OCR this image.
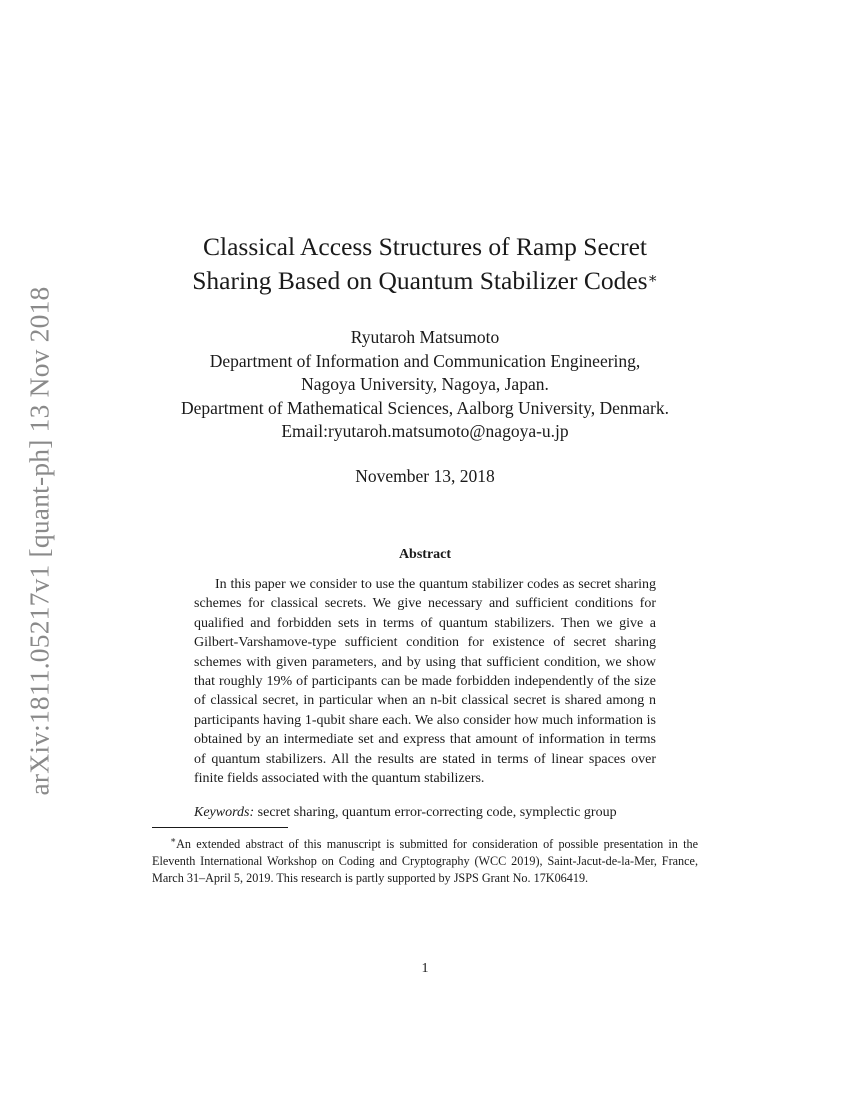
arXiv:1811.05217v1 [quant-ph] 13 Nov 2018
Classical Access Structures of Ramp Secret
Sharing Based on Quantum Stabilizer Codes∗
Ryutaroh Matsumoto
Department of Information and Communication Engineering,
Nagoya University, Nagoya, Japan.
Department of Mathematical Sciences, Aalborg University, Denmark.
Email:ryutaroh.matsumoto@nagoya-u.jp
November 13, 2018
Abstract

In this paper we consider to use the quantum stabilizer codes as secret sharing schemes for classical secrets. We give necessary and sufficient conditions for qualified and forbidden sets in terms of quantum stabilizers. Then we give a Gilbert-Varshamove-type sufficient condition for existence of secret sharing schemes with given parameters, and by using that sufficient condition, we show that roughly 19% of participants can be made forbidden independently of the size of classical secret, in particular when an n-bit classical secret is shared among n participants having 1-qubit share each. We also consider how much information is obtained by an intermediate set and express that amount of information in terms of quantum stabilizers. All the results are stated in terms of linear spaces over finite fields associated with the quantum stabilizers.

Keywords: secret sharing, quantum error-correcting code, symplectic group

∗An extended abstract of this manuscript is submitted for consideration of possible presentation in the Eleventh International Workshop on Coding and Cryptography (WCC 2019), Saint-Jacut-de-la-Mer, France, March 31–April 5, 2019. This research is partly supported by JSPS Grant No. 17K06419.

1
